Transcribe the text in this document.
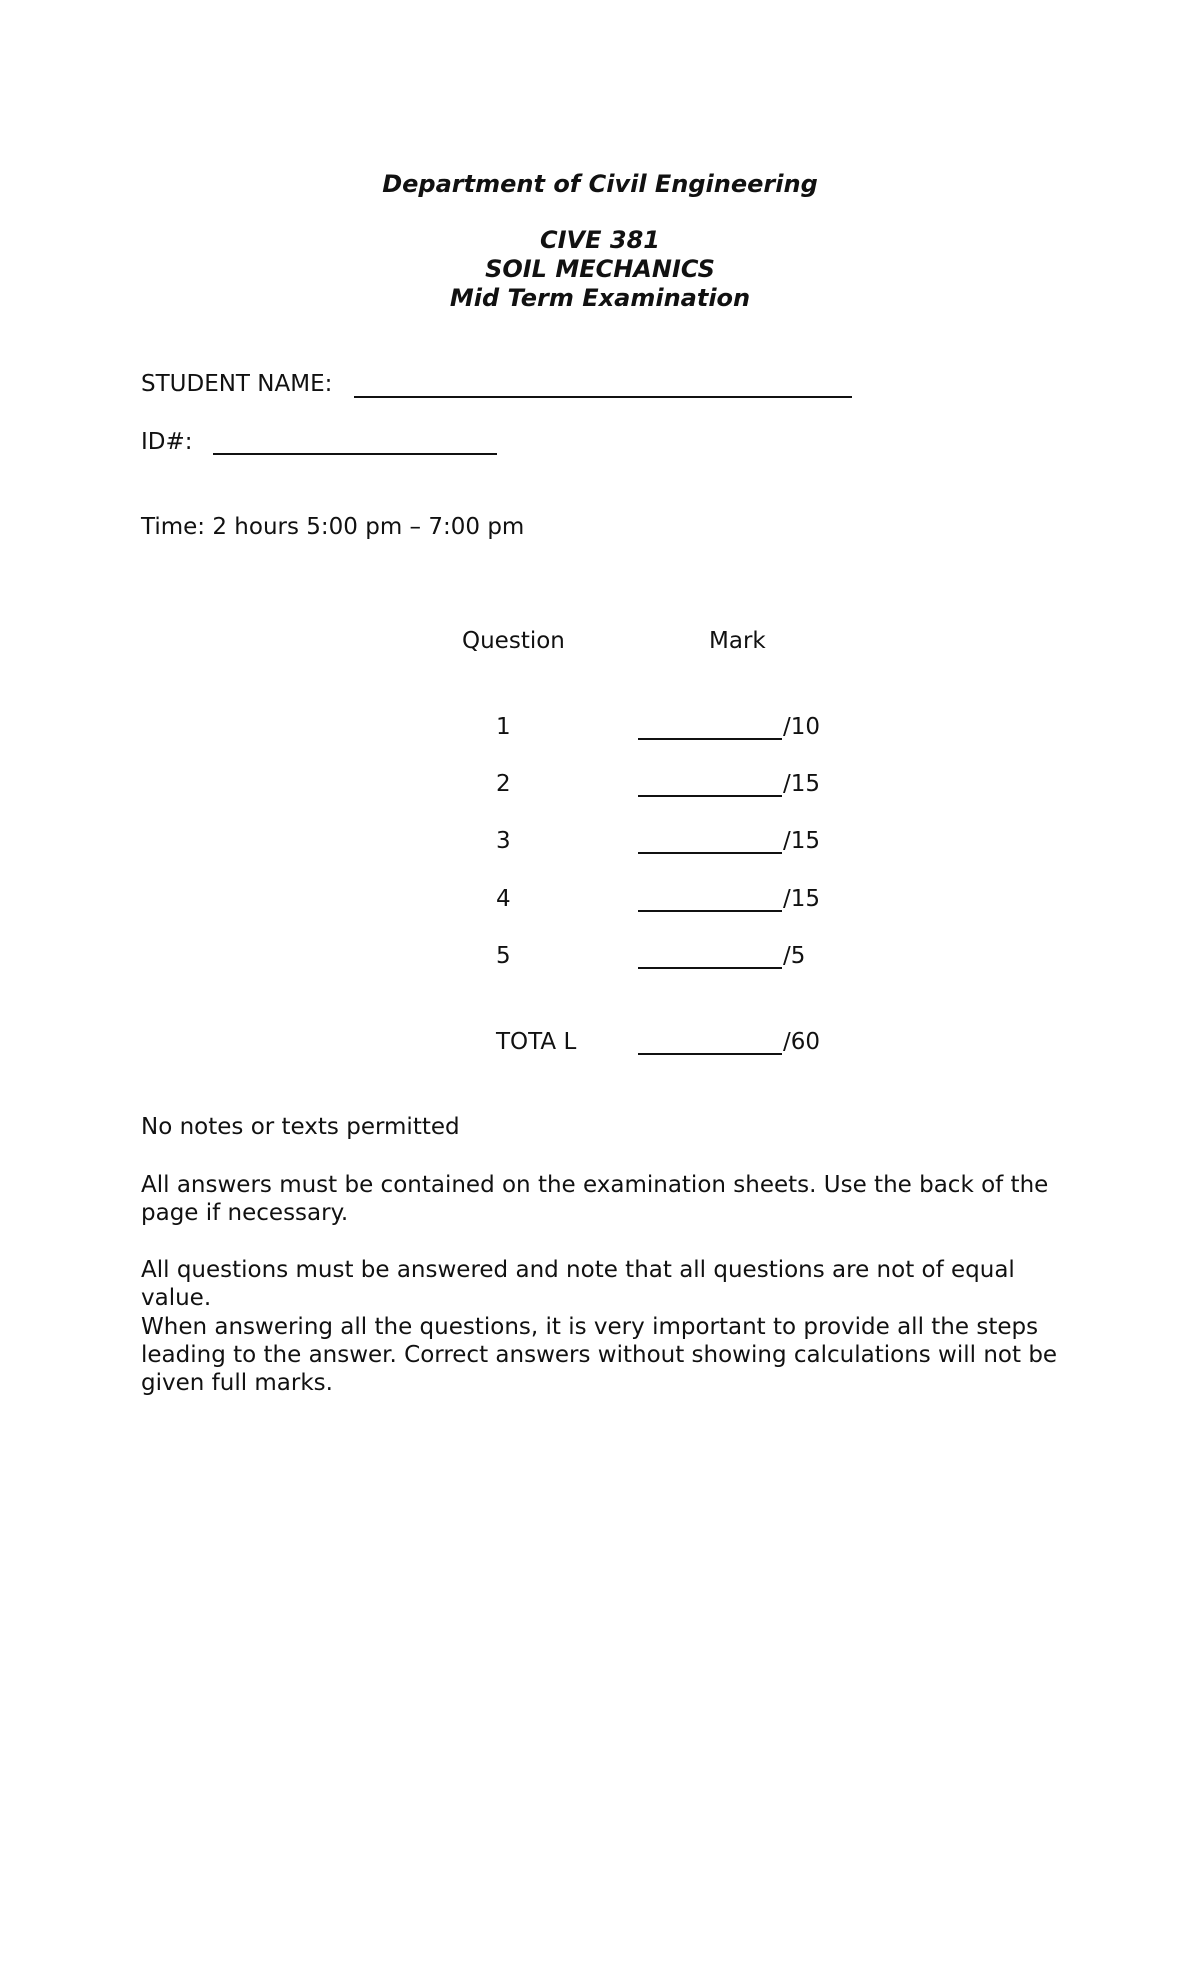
Department of Civil Engineering

CIVE 381

SOIL MECHANICS

Mid Term Examination

STUDENT NAME:

ID#:

Time: 2 hours 5:00 pm – 7:00 pm

Question	Mark
1	/10
2	/15
3	/15
4	/15
5	/5
TOTA L	/60

No notes or texts permitted

All answers must be contained on the examination sheets. Use the back of the page if necessary.

All questions must be answered and note that all questions are not of equal value.

When answering all the questions, it is very important to provide all the steps leading to the answer. Correct answers without showing calculations will not be given full marks.
